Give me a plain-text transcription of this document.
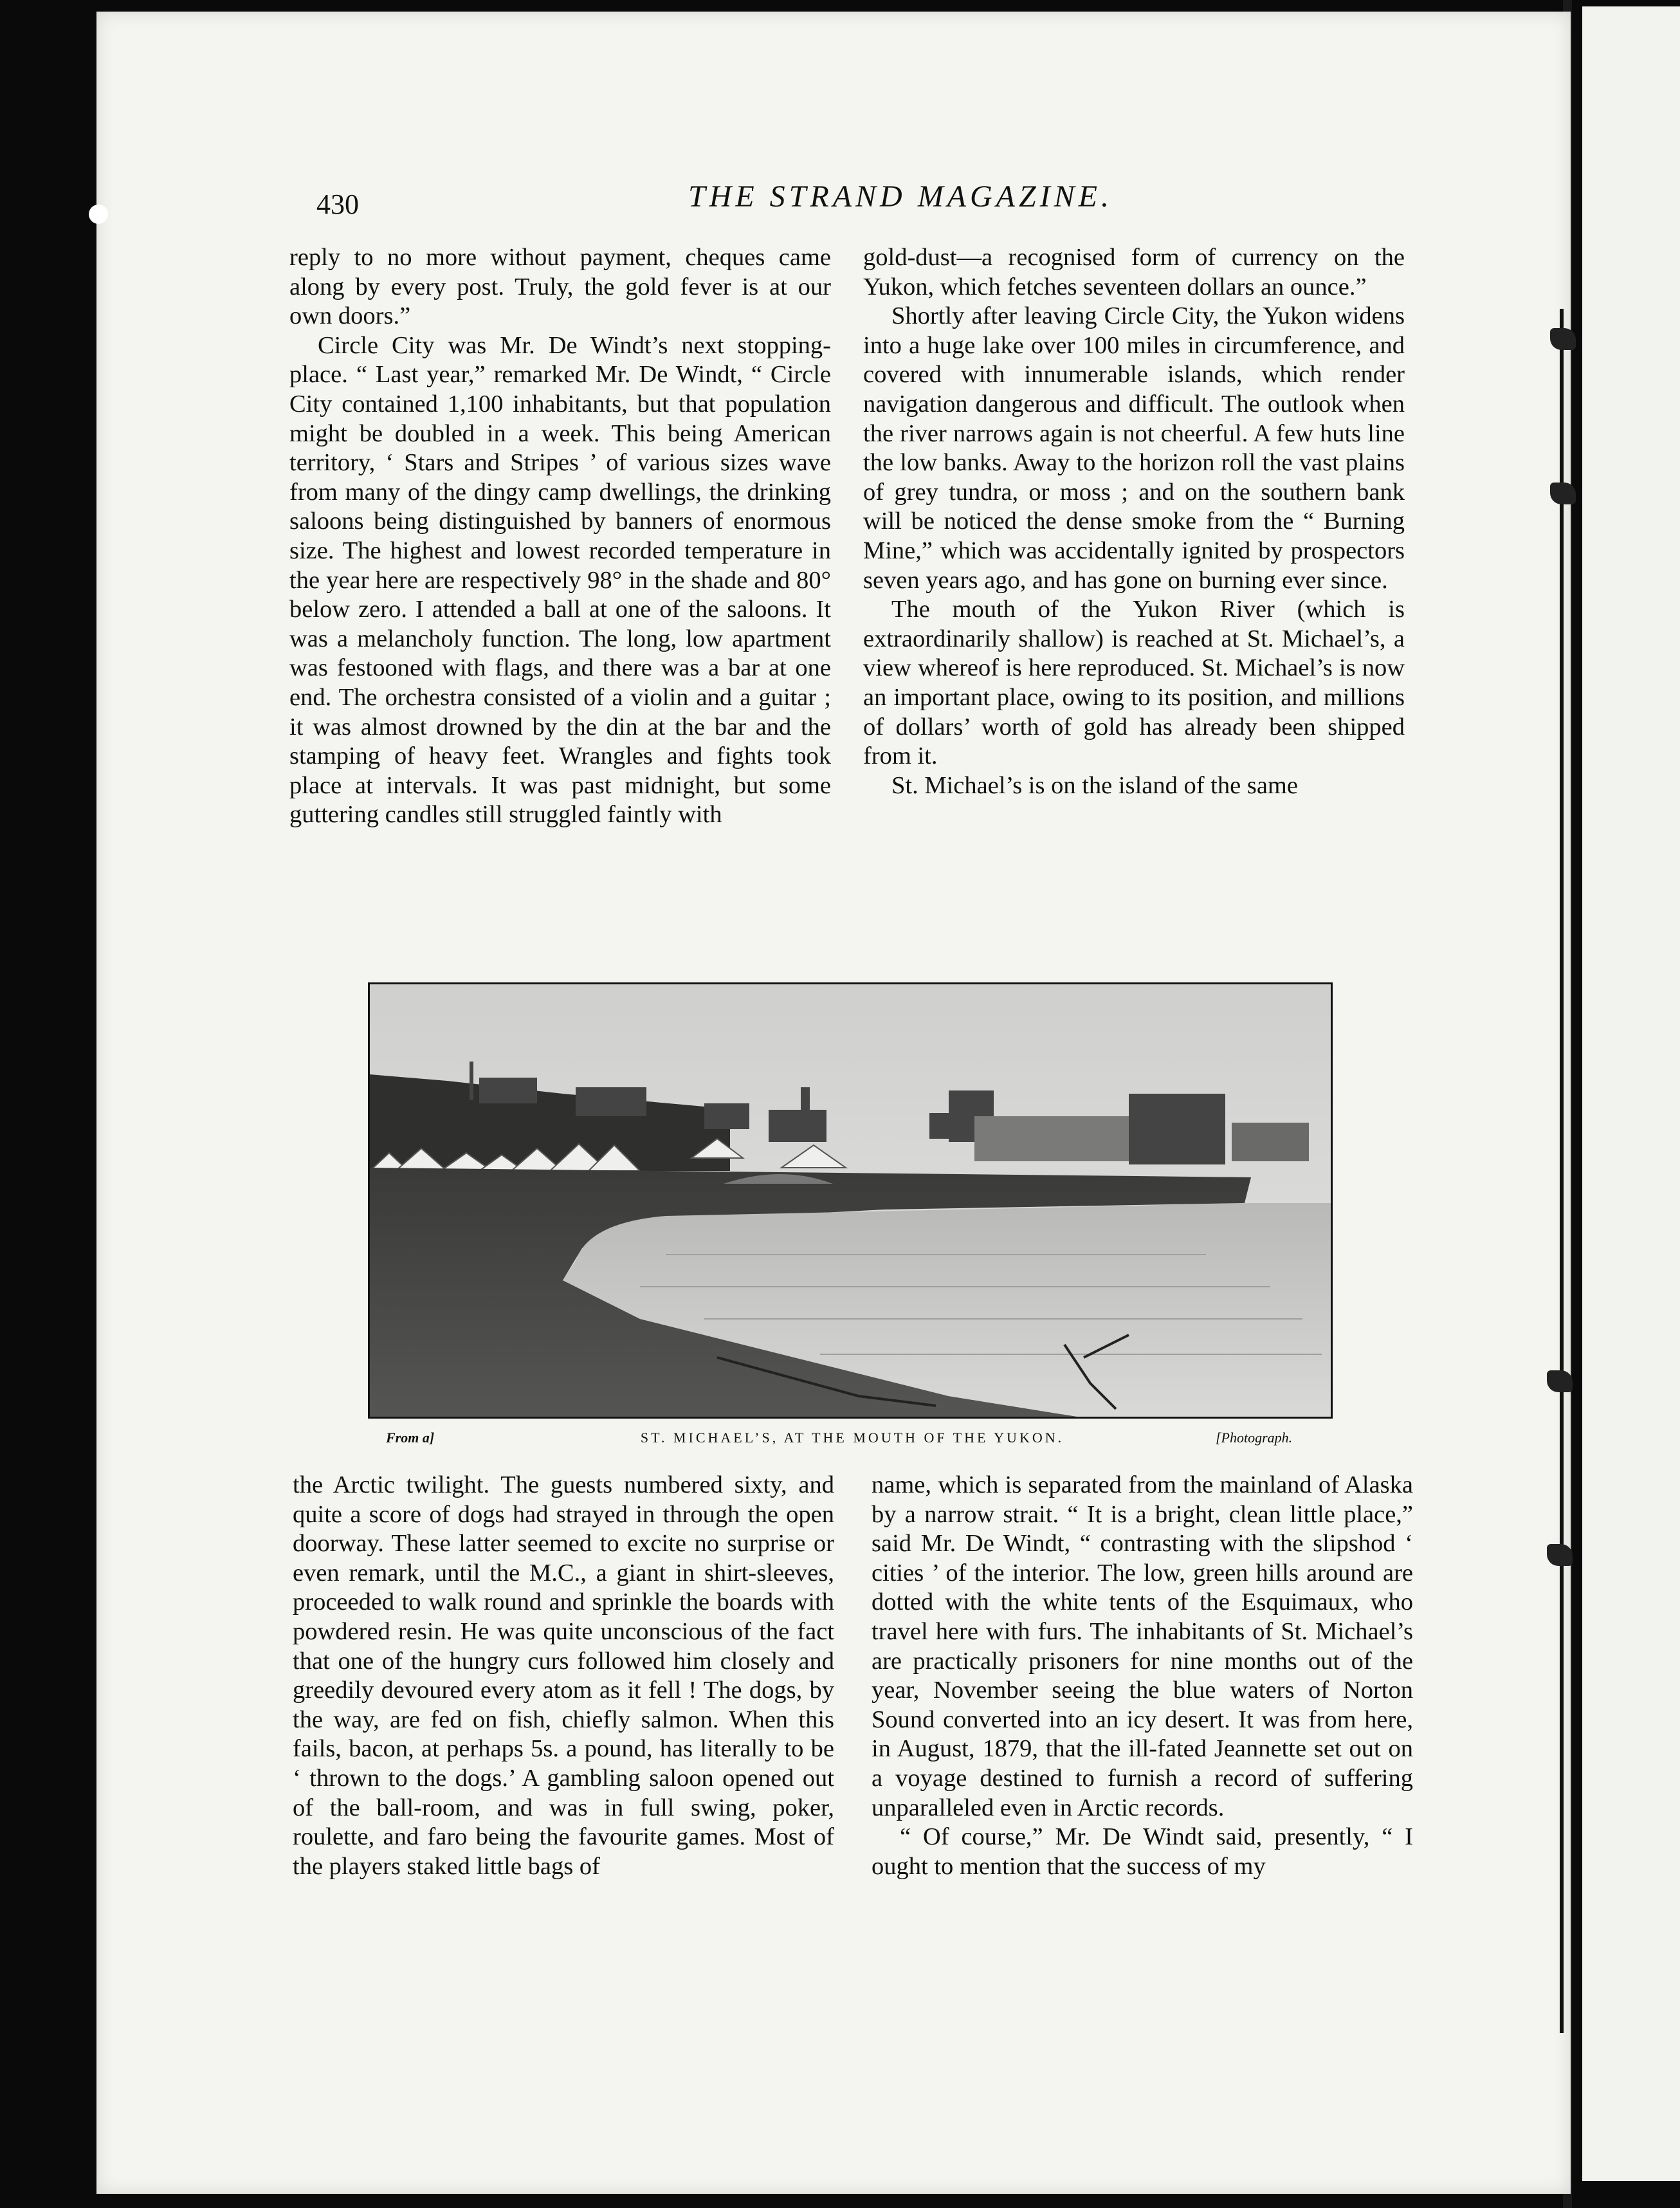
430	THE STRAND MAGAZINE.

reply to no more without payment, cheques came along by every post. Truly, the gold fever is at our own doors.”

Circle City was Mr. De Windt’s next stopping-place. “ Last year,” remarked Mr. De Windt, “ Circle City contained 1,100 inhabitants, but that population might be doubled in a week. This being American territory, ‘ Stars and Stripes ’ of various sizes wave from many of the dingy camp dwellings, the drinking saloons being distinguished by banners of enormous size. The highest and lowest recorded temperature in the year here are respectively 98° in the shade and 80° below zero. I attended a ball at one of the saloons. It was a melancholy function. The long, low apartment was festooned with flags, and there was a bar at one end. The orchestra consisted of a violin and a guitar ; it was almost drowned by the din at the bar and the stamping of heavy feet. Wrangles and fights took place at intervals. It was past midnight, but some guttering candles still struggled faintly with

gold-dust—a recognised form of currency on the Yukon, which fetches seventeen dollars an ounce.”

Shortly after leaving Circle City, the Yukon widens into a huge lake over 100 miles in circumference, and covered with innumerable islands, which render navigation dangerous and difficult. The outlook when the river narrows again is not cheerful. A few huts line the low banks. Away to the horizon roll the vast plains of grey tundra, or moss ; and on the southern bank will be noticed the dense smoke from the “ Burning Mine,” which was accidentally ignited by prospectors seven years ago, and has gone on burning ever since.

The mouth of the Yukon River (which is extraordinarily shallow) is reached at St. Michael’s, a view whereof is here reproduced. St. Michael’s is now an important place, owing to its position, and millions of dollars’ worth of gold has already been shipped from it.

St. Michael’s is on the island of the same

From a]	ST. MICHAEL’S, AT THE MOUTH OF THE YUKON.	[Photograph.

the Arctic twilight. The guests numbered sixty, and quite a score of dogs had strayed in through the open doorway. These latter seemed to excite no surprise or even remark, until the M.C., a giant in shirt-sleeves, proceeded to walk round and sprinkle the boards with powdered resin. He was quite unconscious of the fact that one of the hungry curs followed him closely and greedily devoured every atom as it fell ! The dogs, by the way, are fed on fish, chiefly salmon. When this fails, bacon, at perhaps 5s. a pound, has literally to be ‘ thrown to the dogs.’ A gambling saloon opened out of the ball-room, and was in full swing, poker, roulette, and faro being the favourite games. Most of the players staked little bags of

name, which is separated from the mainland of Alaska by a narrow strait. “ It is a bright, clean little place,” said Mr. De Windt, “ contrasting with the slipshod ‘ cities ’ of the interior. The low, green hills around are dotted with the white tents of the Esquimaux, who travel here with furs. The inhabitants of St. Michael’s are practically prisoners for nine months out of the year, November seeing the blue waters of Norton Sound converted into an icy desert. It was from here, in August, 1879, that the ill-fated Jeannette set out on a voyage destined to furnish a record of suffering unparalleled even in Arctic records.

“ Of course,” Mr. De Windt said, presently, “ I ought to mention that the success of my
